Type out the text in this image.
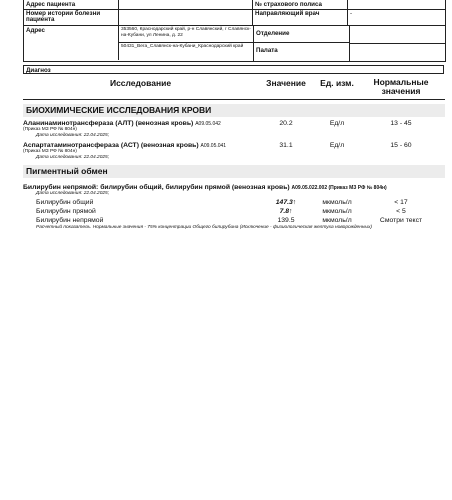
Адрес пациента	№ страхового полиса
Номер истории болезни пациента
Направляющий врач	-
Адрес	353560, Краснодарский край, р-н Славянский, г Славянск-на-Кубани, ул Ленина, д. 22
50431_Вега_Славянск-на-Кубани_Краснодарский край
Отделение
Палата
Диагноз
Исследование	Значение	Ед. изм.	Нормальные значения
БИОХИМИЧЕСКИЕ ИССЛЕДОВАНИЯ КРОВИ
Аланинаминотрансфераза (АЛТ) (венозная кровь) A09.05.042
(Приказ МЗ РФ № 804н)
Дата исследования: 22.04.2025;
20.2	Ед/л	13 - 45
Аспартатаминотрансфераза (АСТ) (венозная кровь) A09.05.041
(Приказ МЗ РФ № 804н)
Дата исследования: 22.04.2025;
31.1	Ед/л	15 - 60
Пигментный обмен
Билирубин непрямой: билирубин общий, билирубин прямой (венозная кровь) A09.05.022.002 (Приказ МЗ РФ № 804н)
Дата исследования: 22.04.2025;
Билирубин общий	147.3↑	мкмоль/л	< 17
Билирубин прямой	7.8↑	мкмоль/л	< 5
Билирубин непрямой	139.5	мкмоль/л	Смотри текст
Расчетный показатель. Нормальные значения - 75% концентрации Общего билирубина (Исключение - физиологическая желтуха новорожденных)
